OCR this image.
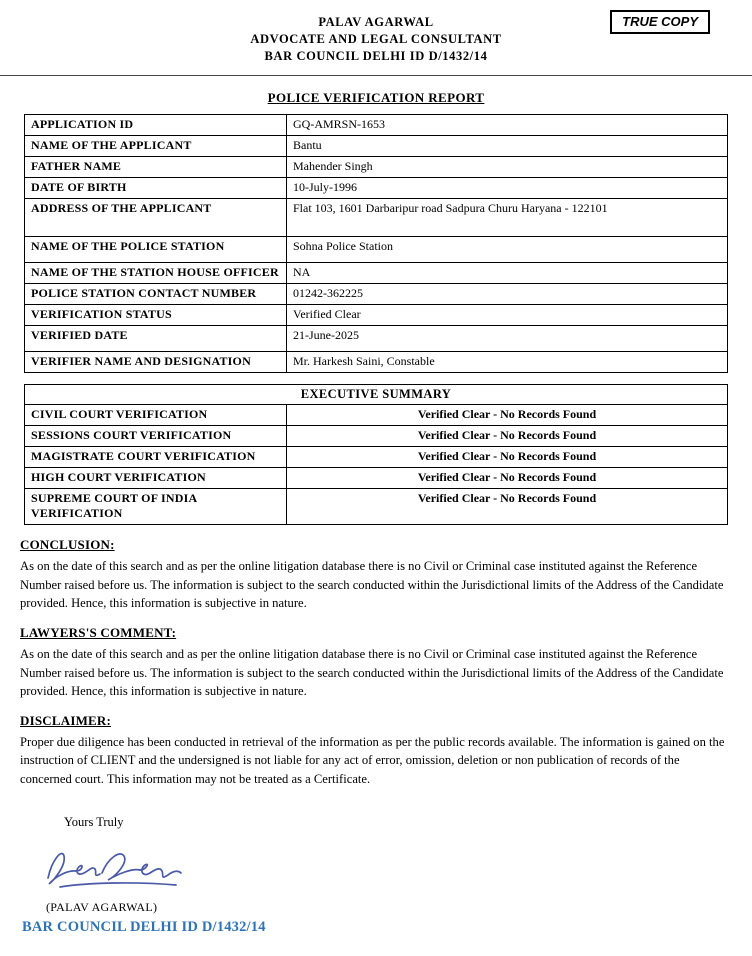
TRUE COPY
PALAV AGARWAL
ADVOCATE AND LEGAL CONSULTANT
BAR COUNCIL DELHI ID D/1432/14
POLICE VERIFICATION REPORT
APPLICATION ID	GQ-AMRSN-1653
NAME OF THE APPLICANT	Bantu
FATHER NAME	Mahender Singh
DATE OF BIRTH	10-July-1996
ADDRESS OF THE APPLICANT	Flat 103, 1601 Darbaripur road Sadpura Churu Haryana - 122101
NAME OF THE POLICE STATION	Sohna Police Station
NAME OF THE STATION HOUSE OFFICER	NA
POLICE STATION CONTACT NUMBER	01242-362225
VERIFICATION STATUS	Verified Clear
VERIFIED DATE	21-June-2025
VERIFIER NAME AND DESIGNATION	Mr. Harkesh Saini, Constable
EXECUTIVE SUMMARY	
CIVIL COURT VERIFICATION	Verified Clear - No Records Found
SESSIONS COURT VERIFICATION	Verified Clear - No Records Found
MAGISTRATE COURT VERIFICATION	Verified Clear - No Records Found
HIGH COURT VERIFICATION	Verified Clear - No Records Found
SUPREME COURT OF INDIA VERIFICATION	Verified Clear - No Records Found
CONCLUSION:
As on the date of this search and as per the online litigation database there is no Civil or Criminal case instituted against the Reference Number raised before us. The information is subject to the search conducted within the Jurisdictional limits of the Address of the Candidate provided. Hence, this information is subjective in nature.
LAWYERS'S COMMENT:
As on the date of this search and as per the online litigation database there is no Civil or Criminal case instituted against the Reference Number raised before us. The information is subject to the search conducted within the Jurisdictional limits of the Address of the Candidate provided. Hence, this information is subjective in nature.
DISCLAIMER:
Proper due diligence has been conducted in retrieval of the information as per the public records available. The information is gained on the instruction of CLIENT and the undersigned is not liable for any act of error, omission, deletion or non publication of records of the concerned court. This information may not be treated as a Certificate.
Yours Truly
(PALAV AGARWAL)
BAR COUNCIL DELHI ID D/1432/14
